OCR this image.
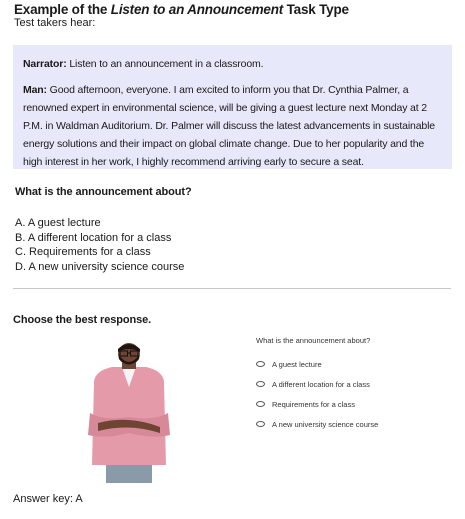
Example of the Listen to an Announcement Task Type
Test takers hear:

Narrator: Listen to an announcement in a classroom.

Man: Good afternoon, everyone. I am excited to inform you that Dr. Cynthia Palmer, a renowned expert in environmental science, will be giving a guest lecture next Monday at 2 P.M. in Waldman Auditorium. Dr. Palmer will discuss the latest advancements in sustainable energy solutions and their impact on global climate change. Due to her popularity and the high interest in her work, I highly recommend arriving early to secure a seat.

What is the announcement about?
A. A guest lecture
B. A different location for a class
C. Requirements for a class
D. A new university science course
Choose the best response.
What is the announcement about?
A guest lecture
A different location for a class
Requirements for a class
A new university science course
Answer key: A
